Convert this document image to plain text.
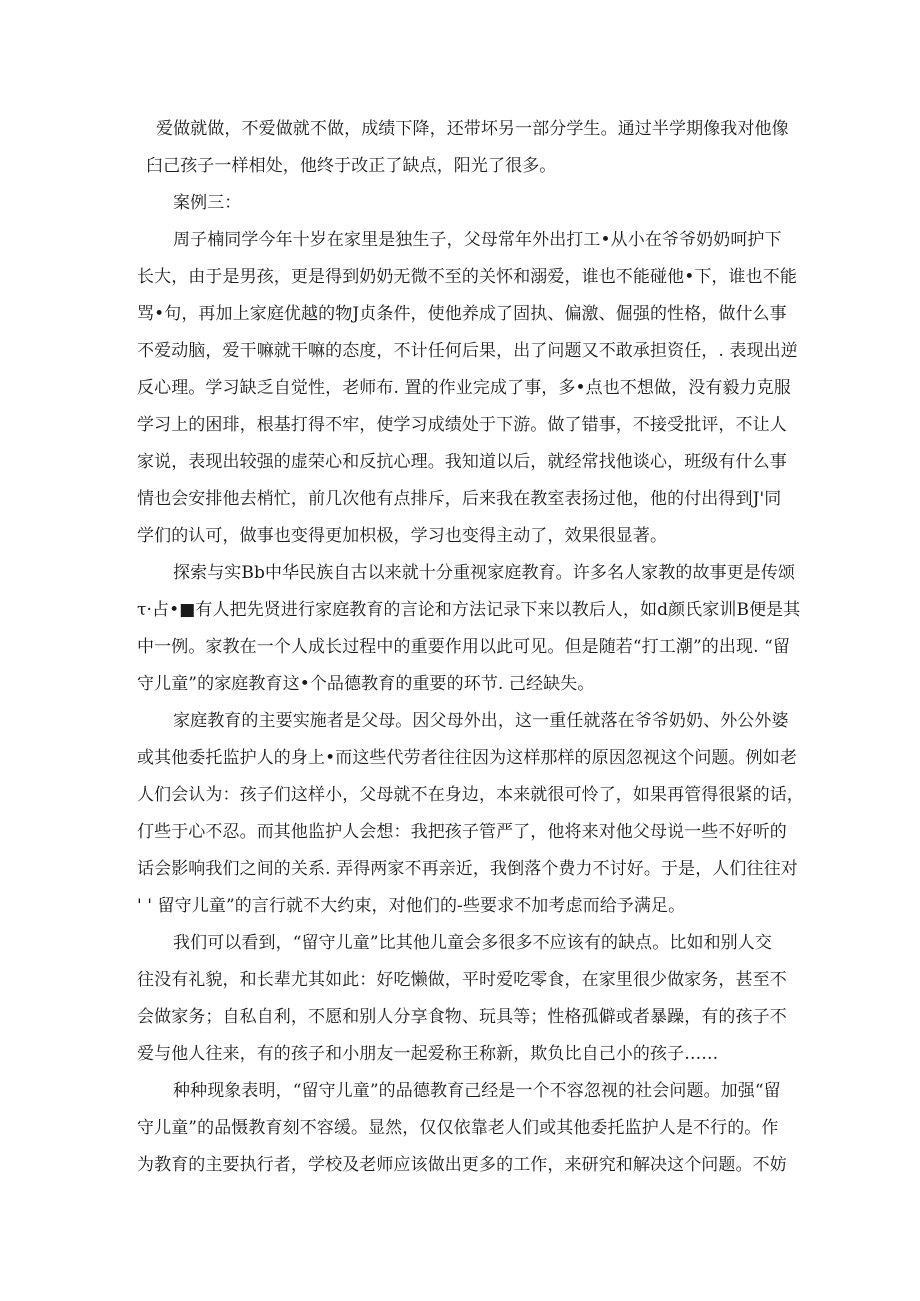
爱做就做，不爱做就不做，成绩下降，还带坏另一部分学生。通过半学期像我对他像
臼己孩子一样相处，他终于改正了缺点，阳光了很多。
案例三：
周子楠同学今年十岁在家里是独生子，父母常年外出打工•从小在爷爷奶奶呵护下
长大，由于是男孩，更是得到奶奶无微不至的关怀和溺爱，谁也不能碰他•下，谁也不能
骂•句，再加上家庭优越的物J贞条件，使他养成了固执、偏激、倔强的性格，做什么事
不爱动脑，爱干嘛就干嘛的态度，不计任何后果，出了问题又不敢承担资任，. 表现出逆
反心理。学习缺乏自觉性，老师布. 置的作业完成了事，多•点也不想做，没有毅力克服
学习上的困琲，根基打得不牢，使学习成绩处于下游。做了错事，不接受批评，不让人
家说，表现出较强的虚荣心和反抗心理。我知道以后，就经常找他谈心，班级有什么事
情也会安排他去梢忙，前几次他有点排斥，后来我在教室表扬过他，他的付出得到J'同
学们的认可，做事也变得更加枳极，学习也变得主动了，效果很显著。
探索与实Bb中华民族自古以来就十分重视家庭教育。许多名人家教的故事更是传颂
τ·占•■有人把先贤进行家庭教育的言论和方法记录下来以教后人，如d颜氏家训B便是其
中一例。家教在一个人成长过程中的重要作用以此可见。但是随若“打工潮”的出现. “留
守儿童”的家庭教育这•个品德教育的重要的环节. 己经缺失。
家庭教育的主要实施者是父母。因父母外出，这一重任就落在爷爷奶奶、外公外婆
或其他委托监护人的身上•而这些代劳者往往因为这样那样的原因忽视这个问题。例如老
人们会认为：孩子们这样小，父母就不在身边，本来就很可怜了，如果再管得很紧的话，
仃些于心不忍。而其他监护人会想：我把孩子管严了，他将来对他父母说一些不好听的
话会影响我们之间的关系. 弄得两家不再亲近，我倒落个费力不讨好。于是，人们往往对
' ' 留守儿童”的言行就不大约束，对他们的-些要求不加考虑而给予满足。
我们可以看到，“留守儿童”比其他儿童会多很多不应该有的缺点。比如和别人交
往没有礼貌，和长辈尤其如此：好吃懒做，平时爱吃零食，在家里很少做家务，甚至不
会做家务；自私自利，不愿和别人分享食物、玩具等；性格孤僻或者暴躁，有的孩子不
爱与他人往来，有的孩子和小朋友一起爱称王称新，欺负比自己小的孩子……
种种现象表明，“留守儿童”的品德教育己经是一个不容忽视的社会问题。加强“留
守儿童”的品慑教育刻不容缓。显然，仅仅依靠老人们或其他委托监护人是不行的。作
为教育的主要执行者，学校及老师应该做出更多的工作，来研究和解决这个问题。不妨
